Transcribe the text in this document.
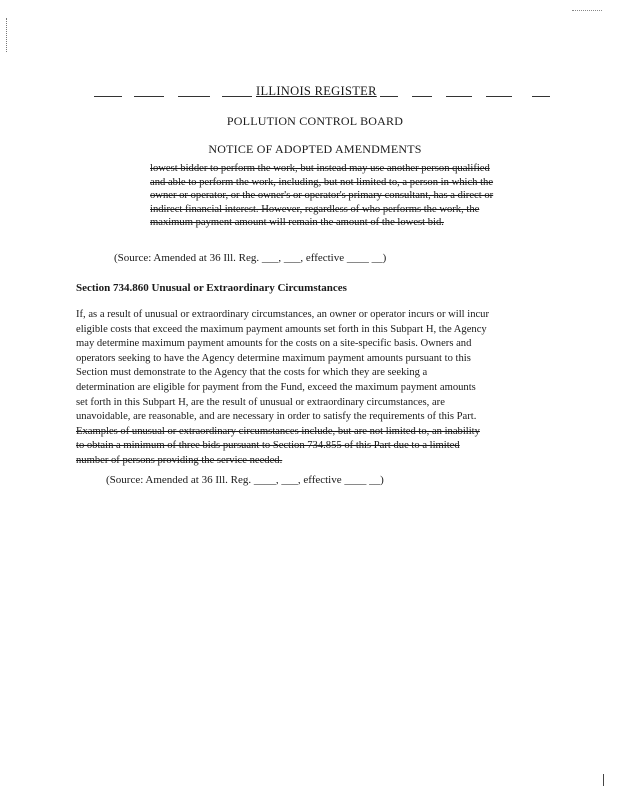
ILLINOIS REGISTER
POLLUTION CONTROL BOARD
NOTICE OF ADOPTED AMENDMENTS
lowest bidder to perform the work, but instead may use another person qualified
and able to perform the work, including, but not limited to, a person in which the
owner or operator, or the owner's or operator's primary consultant, has a direct or
indirect financial interest. However, regardless of who performs the work, the
maximum payment amount will remain the amount of the lowest bid.
(Source: Amended at 36 Ill. Reg. ___, ___, effective ____ __)
Section 734.860 Unusual or Extraordinary Circumstances
If, as a result of unusual or extraordinary circumstances, an owner or operator incurs or will incur
eligible costs that exceed the maximum payment amounts set forth in this Subpart H, the Agency
may determine maximum payment amounts for the costs on a site-specific basis. Owners and
operators seeking to have the Agency determine maximum payment amounts pursuant to this
Section must demonstrate to the Agency that the costs for which they are seeking a
determination are eligible for payment from the Fund, exceed the maximum payment amounts
set forth in this Subpart H, are the result of unusual or extraordinary circumstances, are
unavoidable, are reasonable, and are necessary in order to satisfy the requirements of this Part.
Examples of unusual or extraordinary circumstances include, but are not limited to, an inability
to obtain a minimum of three bids pursuant to Section 734.855 of this Part due to a limited
number of persons providing the service needed.
(Source: Amended at 36 Ill. Reg. ____, ___, effective ____ __)
